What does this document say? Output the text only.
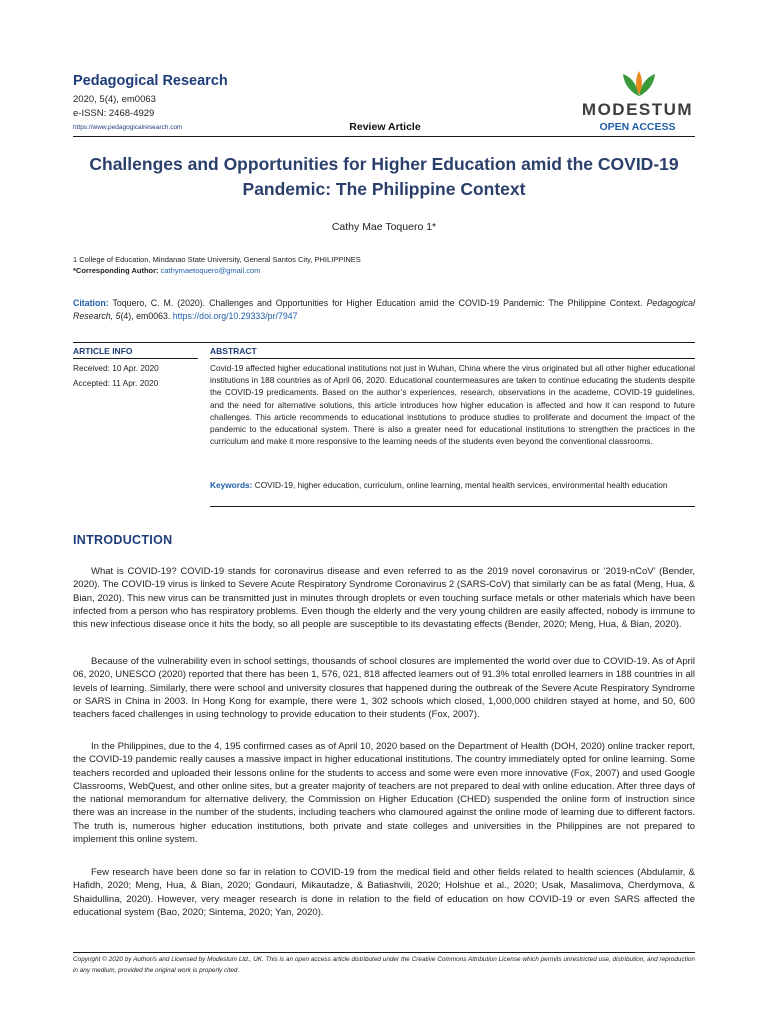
Pedagogical Research
2020, 5(4), em0063
e-ISSN: 2468-4929
https://www.pedagogicalresearch.com	Review Article
MODESTUM
OPEN ACCESS
Challenges and Opportunities for Higher Education amid the COVID-19 Pandemic: The Philippine Context
Cathy Mae Toquero 1*
1 College of Education, Mindanao State University, General Santos City, PHILIPPINES
*Corresponding Author: cathymaetoquero@gmail.com
Citation: Toquero, C. M. (2020). Challenges and Opportunities for Higher Education amid the COVID-19 Pandemic: The Philippine Context. Pedagogical Research, 5(4), em0063. https://doi.org/10.29333/pr/7947
ARTICLE INFO	ABSTRACT
Received: 10 Apr. 2020
Accepted: 11 Apr. 2020
Covid-19 affected higher educational institutions not just in Wuhan, China where the virus originated but all other higher educational institutions in 188 countries as of April 06, 2020. Educational countermeasures are taken to continue educating the students despite the COVID-19 predicaments. Based on the author’s experiences, research, observations in the academe, COVID-19 guidelines, and the need for alternative solutions, this article introduces how higher education is affected and how it can respond to future challenges. This article recommends to educational institutions to produce studies to proliferate and document the impact of the pandemic to the educational system. There is also a greater need for educational institutions to strengthen the practices in the curriculum and make it more responsive to the learning needs of the students even beyond the conventional classrooms.
Keywords: COVID-19, higher education, curriculum, online learning, mental health services, environmental health education
INTRODUCTION
What is COVID-19? COVID-19 stands for coronavirus disease and even referred to as the 2019 novel coronavirus or ‘2019-nCoV’ (Bender, 2020). The COVID-19 virus is linked to Severe Acute Respiratory Syndrome Coronavirus 2 (SARS-CoV) that similarly can be as fatal (Meng, Hua, & Bian, 2020). This new virus can be transmitted just in minutes through droplets or even touching surface metals or other materials which have been infected from a person who has respiratory problems. Even though the elderly and the very young children are easily affected, nobody is immune to this new infectious disease once it hits the body, so all people are susceptible to its devastating effects (Bender, 2020; Meng, Hua, & Bian, 2020).
Because of the vulnerability even in school settings, thousands of school closures are implemented the world over due to COVID-19. As of April 06, 2020, UNESCO (2020) reported that there has been 1, 576, 021, 818 affected learners out of 91.3% total enrolled learners in 188 countries in all levels of learning. Similarly, there were school and university closures that happened during the outbreak of the Severe Acute Respiratory Syndrome or SARS in China in 2003. In Hong Kong for example, there were 1, 302 schools which closed, 1,000,000 children stayed at home, and 50, 600 teachers faced challenges in using technology to provide education to their students (Fox, 2007).
In the Philippines, due to the 4, 195 confirmed cases as of April 10, 2020 based on the Department of Health (DOH, 2020) online tracker report, the COVID-19 pandemic really causes a massive impact in higher educational institutions. The country immediately opted for online learning. Some teachers recorded and uploaded their lessons online for the students to access and some were even more innovative (Fox, 2007) and used Google Classrooms, WebQuest, and other online sites, but a greater majority of teachers are not prepared to deal with online education. After three days of the national memorandum for alternative delivery, the Commission on Higher Education (CHED) suspended the online form of instruction since there was an increase in the number of the students, including teachers who clamoured against the online mode of learning due to different factors. The truth is, numerous higher education institutions, both private and state colleges and universities in the Philippines are not prepared to implement this online system.
Few research have been done so far in relation to COVID-19 from the medical field and other fields related to health sciences (Abdulamir, & Hafidh, 2020; Meng, Hua, & Bian, 2020; Gondauri, Mikautadze, & Batiashvili, 2020; Holshue et al., 2020; Usak, Masalimova, Cherdymova, & Shaidullina, 2020). However, very meager research is done in relation to the field of education on how COVID-19 or even SARS affected the educational system (Bao, 2020; Sintema, 2020; Yan, 2020).
Copyright © 2020 by Author/s and Licensed by Modestum Ltd., UK. This is an open access article distributed under the Creative Commons Attribution License which permits unrestricted use, distribution, and reproduction in any medium, provided the original work is properly cited.
